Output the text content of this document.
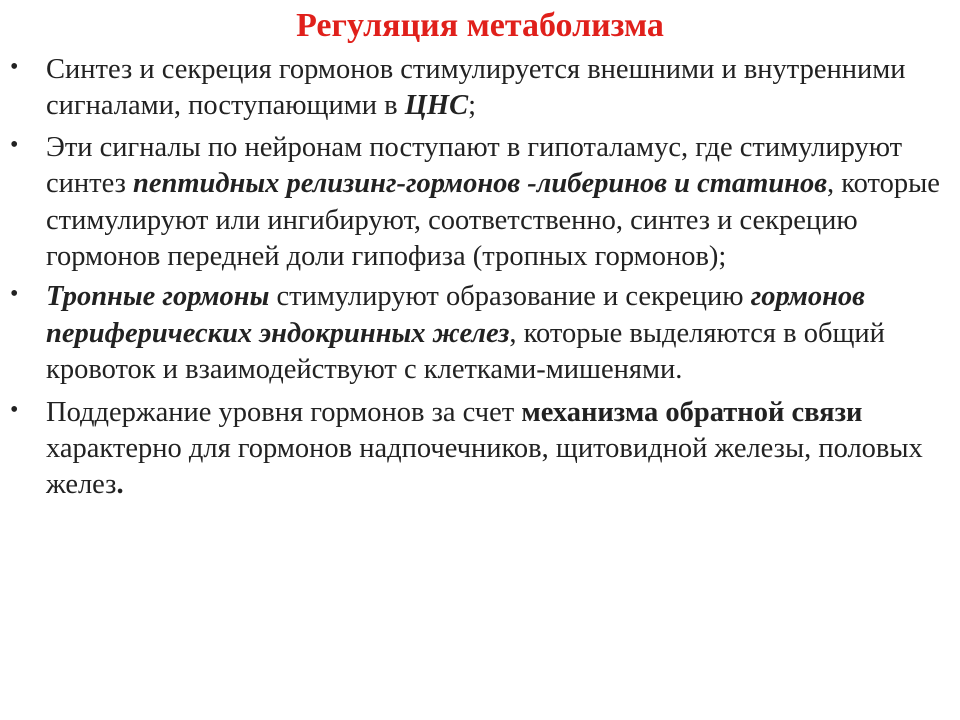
Регуляция метаболизма
• Синтез и секреция гормонов стимулируется внешними и внутренними сигналами, поступающими в ЦНС;
• Эти сигналы по нейронам поступают в гипоталамус, где стимулируют синтез пептидных релизинг-гормонов -либеринов и статинов, которые стимулируют или ингибируют, соответственно, синтез и секрецию гормонов передней доли гипофиза (тропных гормонов);
• Тропные гормоны стимулируют образование и секрецию гормонов периферических эндокринных желез, которые выделяются в общий кровоток и взаимодействуют с клетками-мишенями.
• Поддержание уровня гормонов за счет механизма обратной связи характерно для гормонов надпочечников, щитовидной железы, половых желез.
